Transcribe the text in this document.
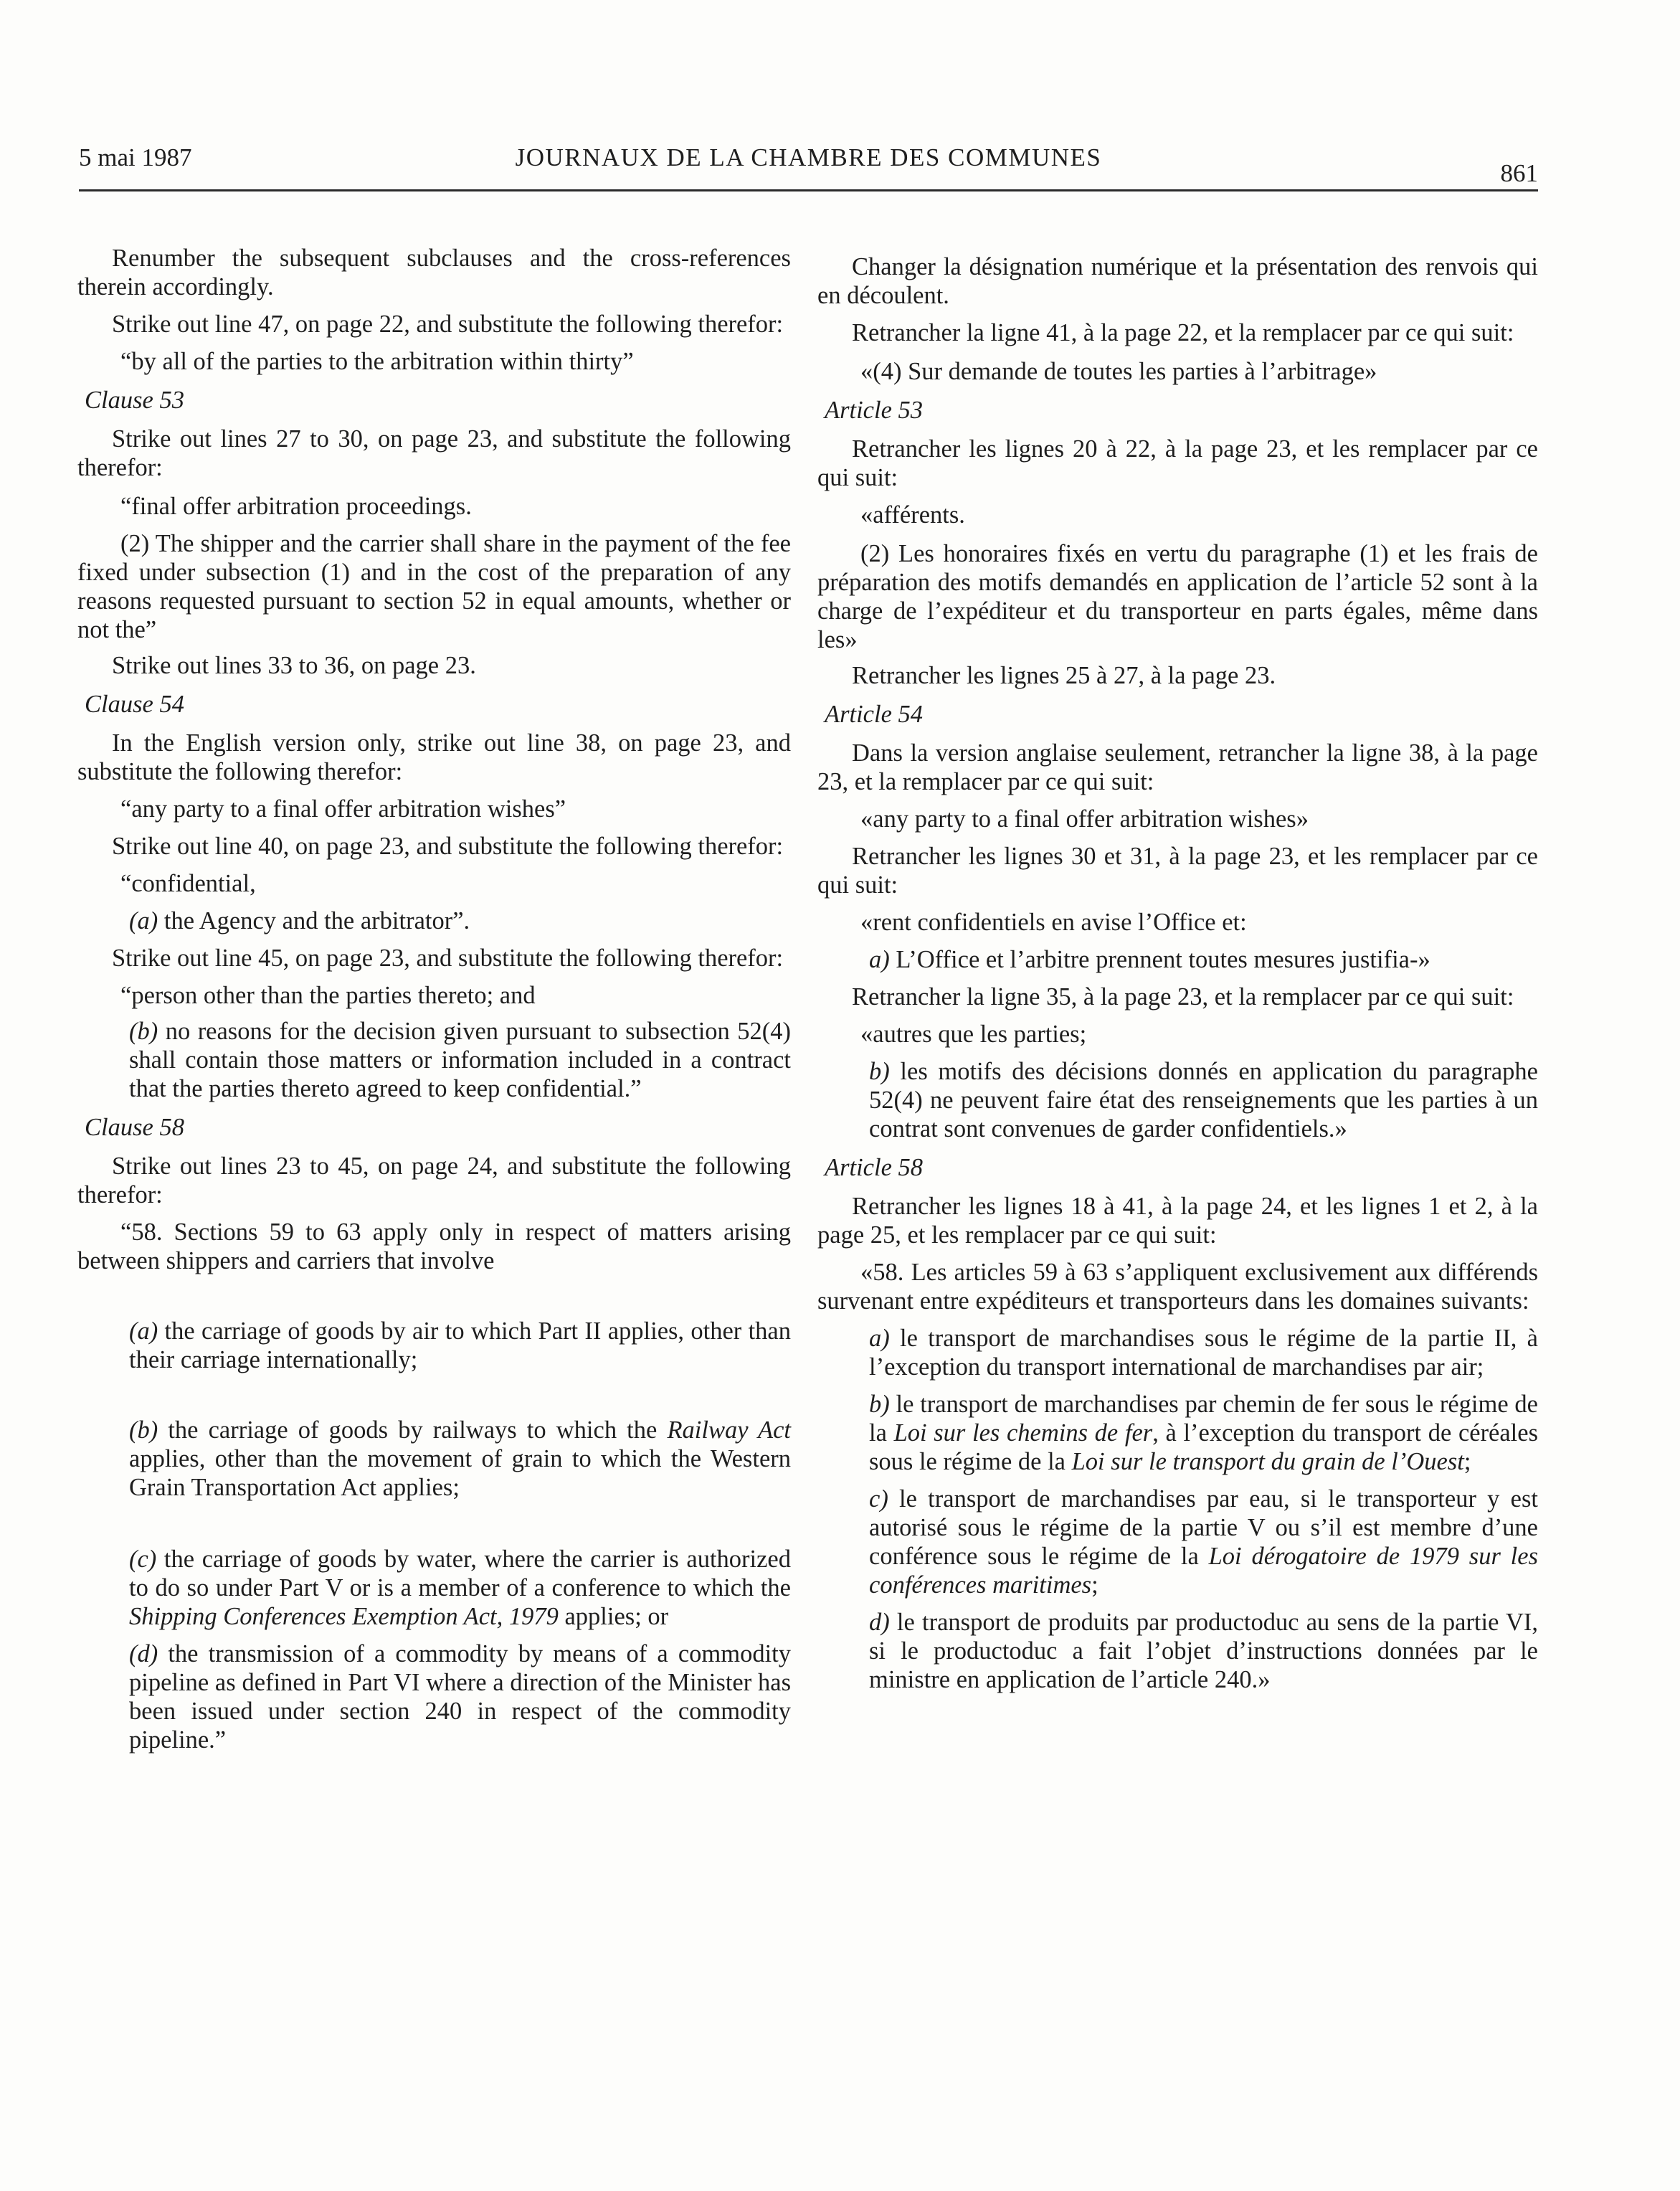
5 mai 1987	JOURNAUX DE LA CHAMBRE DES COMMUNES
861

Renumber the subsequent subclauses and the cross-references therein accordingly.

Strike out line 47, on page 22, and substitute the following therefor:

“by all of the parties to the arbitration within thirty”

Clause 53

Strike out lines 27 to 30, on page 23, and substitute the following therefor:

“final offer arbitration proceedings.

(2) The shipper and the carrier shall share in the payment of the fee fixed under subsection (1) and in the cost of the preparation of any reasons requested pursuant to section 52 in equal amounts, whether or not the”

Strike out lines 33 to 36, on page 23.

Clause 54

In the English version only, strike out line 38, on page 23, and substitute the following therefor:

“any party to a final offer arbitration wishes”

Strike out line 40, on page 23, and substitute the following therefor:

“confidential,

(a) the Agency and the arbitrator”.

Strike out line 45, on page 23, and substitute the following therefor:

“person other than the parties thereto; and

(b) no reasons for the decision given pursuant to subsection 52(4) shall contain those matters or information included in a contract that the parties thereto agreed to keep confidential.”

Clause 58

Strike out lines 23 to 45, on page 24, and substitute the following therefor:

“58. Sections 59 to 63 apply only in respect of matters arising between shippers and carriers that involve

(a) the carriage of goods by air to which Part II applies, other than their carriage internationally;

(b) the carriage of goods by railways to which the Railway Act applies, other than the movement of grain to which the Western Grain Transportation Act applies;

(c) the carriage of goods by water, where the carrier is authorized to do so under Part V or is a member of a conference to which the Shipping Conferences Exemption Act, 1979 applies; or

(d) the transmission of a commodity by means of a commodity pipeline as defined in Part VI where a direction of the Minister has been issued under section 240 in respect of the commodity pipeline.”

Changer la désignation numérique et la présentation des renvois qui en découlent.

Retrancher la ligne 41, à la page 22, et la remplacer par ce qui suit:

«(4) Sur demande de toutes les parties à l’arbitrage»

Article 53

Retrancher les lignes 20 à 22, à la page 23, et les remplacer par ce qui suit:

«afférents.

(2) Les honoraires fixés en vertu du paragraphe (1) et les frais de préparation des motifs demandés en application de l’article 52 sont à la charge de l’expéditeur et du transporteur en parts égales, même dans les»

Retrancher les lignes 25 à 27, à la page 23.

Article 54

Dans la version anglaise seulement, retrancher la ligne 38, à la page 23, et la remplacer par ce qui suit:

«any party to a final offer arbitration wishes»

Retrancher les lignes 30 et 31, à la page 23, et les remplacer par ce qui suit:

«rent confidentiels en avise l’Office et:

a) L’Office et l’arbitre prennent toutes mesures justifia-»

Retrancher la ligne 35, à la page 23, et la remplacer par ce qui suit:

«autres que les parties;

b) les motifs des décisions donnés en application du paragraphe 52(4) ne peuvent faire état des renseignements que les parties à un contrat sont convenues de garder confidentiels.»

Article 58

Retrancher les lignes 18 à 41, à la page 24, et les lignes 1 et 2, à la page 25, et les remplacer par ce qui suit:

«58. Les articles 59 à 63 s’appliquent exclusivement aux différends survenant entre expéditeurs et transporteurs dans les domaines suivants:

a) le transport de marchandises sous le régime de la partie II, à l’exception du transport international de marchandises par air;

b) le transport de marchandises par chemin de fer sous le régime de la Loi sur les chemins de fer, à l’exception du transport de céréales sous le régime de la Loi sur le transport du grain de l’Ouest;

c) le transport de marchandises par eau, si le transporteur y est autorisé sous le régime de la partie V ou s’il est membre d’une conférence sous le régime de la Loi dérogatoire de 1979 sur les conférences maritimes;

d) le transport de produits par productoduc au sens de la partie VI, si le productoduc a fait l’objet d’instructions données par le ministre en application de l’article 240.»
